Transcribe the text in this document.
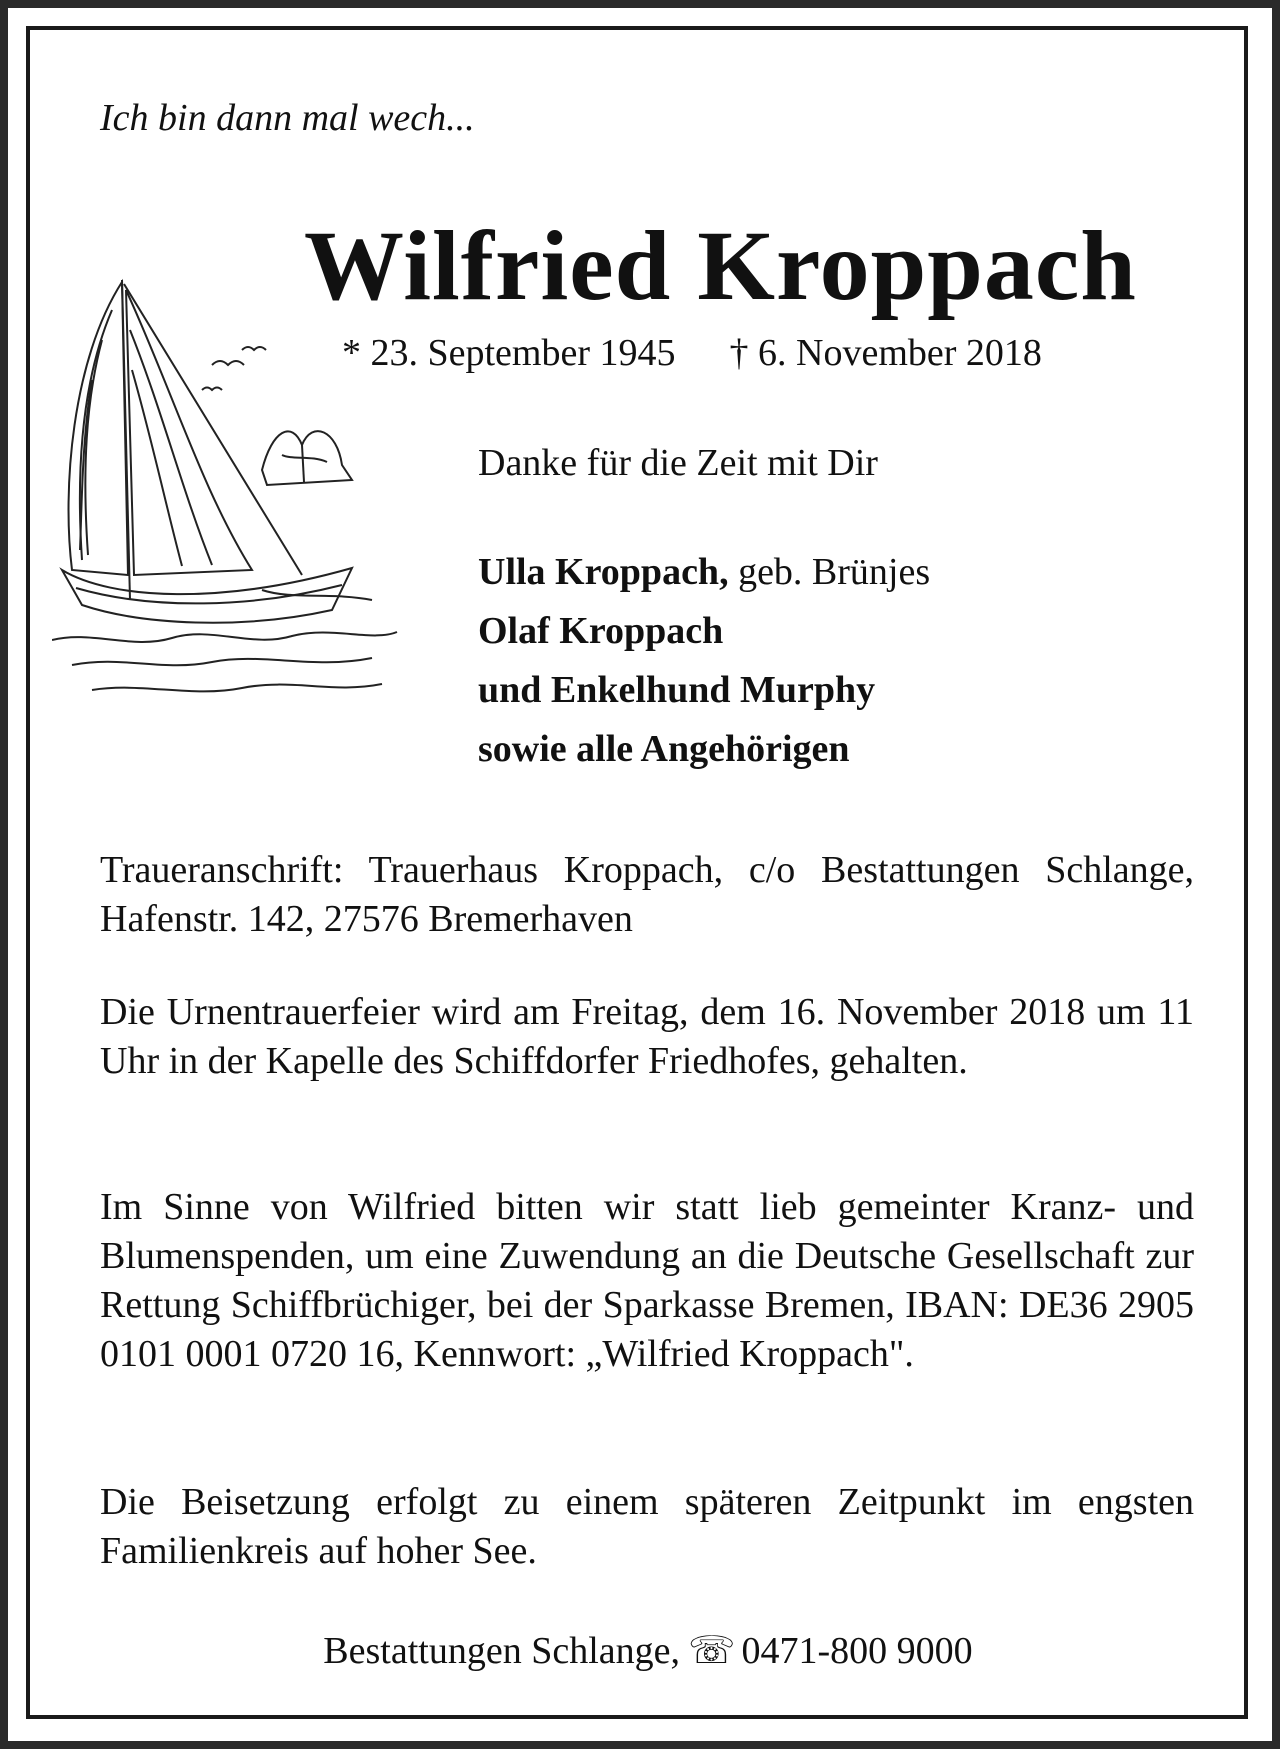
Ich bin dann mal wech...
Wilfried Kroppach
* 23. September 1945 † 6. November 2018
Danke für die Zeit mit Dir
Ulla Kroppach, geb. Brünjes
Olaf Kroppach
und Enkelhund Murphy
sowie alle Angehörigen
Traueranschrift: Trauerhaus Kroppach, c/o Bestattungen Schlange, Hafenstr. 142, 27576 Bremerhaven
Die Urnentrauerfeier wird am Freitag, dem 16. November 2018 um 11 Uhr in der Kapelle des Schiffdorfer Friedhofes, gehalten.
Im Sinne von Wilfried bitten wir statt lieb gemeinter Kranz- und Blumenspenden, um eine Zuwendung an die Deutsche Gesellschaft zur Rettung Schiffbrüchiger, bei der Sparkasse Bremen, IBAN: DE36 2905 0101 0001 0720 16, Kennwort: „Wilfried Kroppach".
Die Beisetzung erfolgt zu einem späteren Zeitpunkt im engsten Familienkreis auf hoher See.
Bestattungen Schlange, ☏ 0471-800 9000
